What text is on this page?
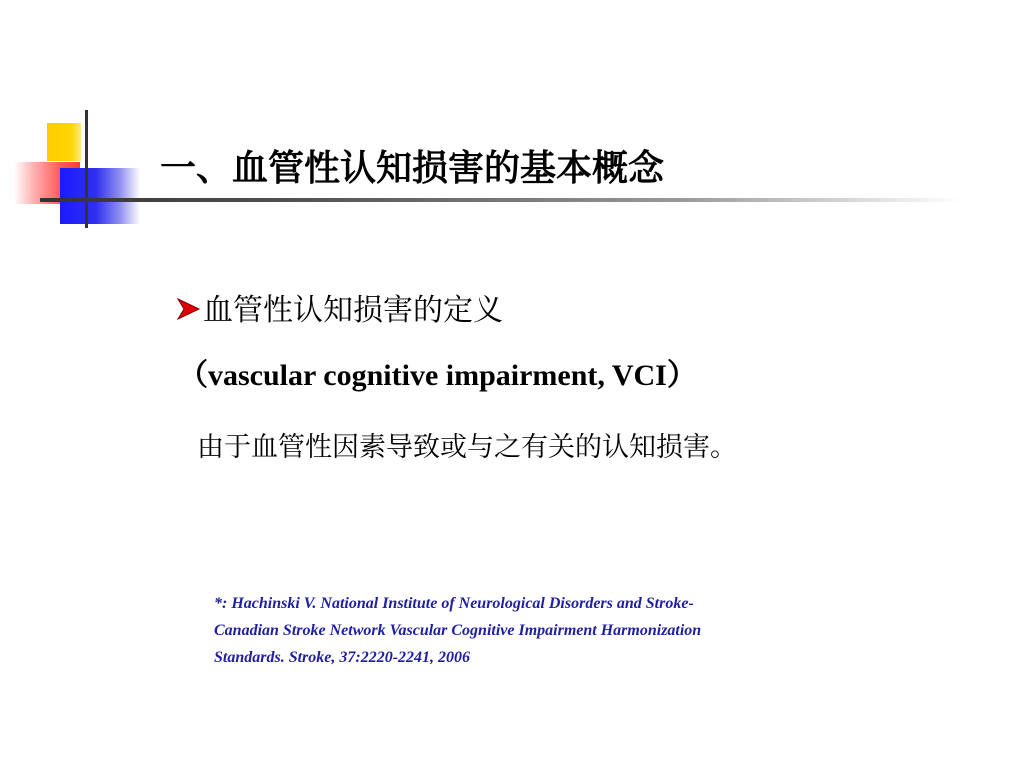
一、血管性认知损害的基本概念
血管性认知损害的定义
（vascular cognitive impairment, VCI）
由于血管性因素导致或与之有关的认知损害。
*: Hachinski V. National Institute of Neurological Disorders and Stroke-
Canadian Stroke Network Vascular Cognitive Impairment Harmonization
Standards. Stroke, 37:2220-2241, 2006
